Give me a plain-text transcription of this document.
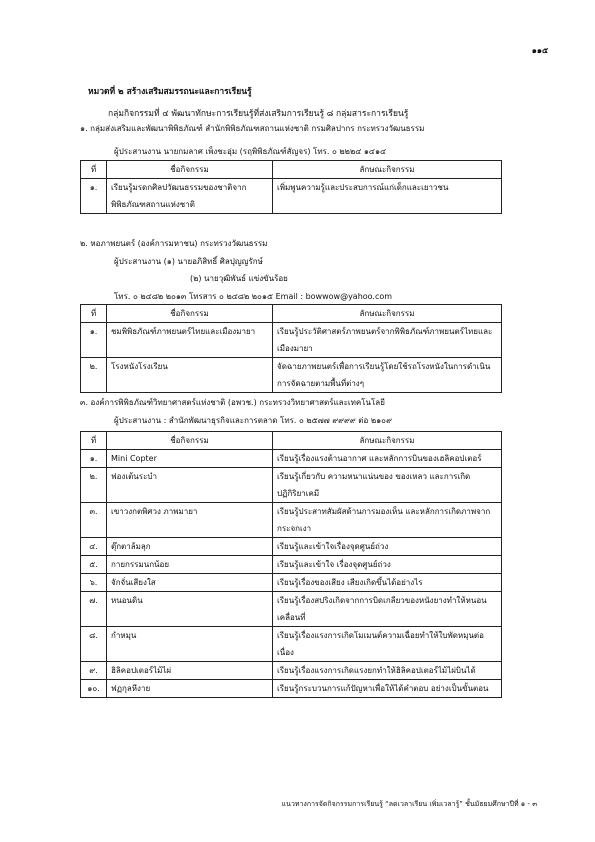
๑๑๕
หมวดที่ ๒ สร้างเสริมสมรรถนะและการเรียนรู้
กลุ่มกิจกรรมที่ ๔ พัฒนาทักษะการเรียนรู้ที่ส่งเสริมการเรียนรู้ ๘ กลุ่มสาระการเรียนรู้
๑. กลุ่มส่งเสริมและพัฒนาพิพิธภัณฑ์ สำนักพิพิธภัณฑสถานแห่งชาติ กรมศิลปากร กระทรวงวัฒนธรรม
ผู้ประสานงาน นายกมลาศ เพ็งชะอุ่ม (รฤพิพิธภัณฑ์สัญจร) โทร. ๐ ๒๒๒๔ ๑๔๑๔
ที่	ชื่อกิจกรรม	ลักษณะกิจกรรม
๑.	เรียนรู้มรดกศิลปวัฒนธรรมของชาติจากพิพิธภัณฑสถานแห่งชาติ	เพิ่มพูนความรู้และประสบการณ์แก่เด็กและเยาวชน
๒. หอภาพยนตร์ (องค์การมหาชน) กระทรวงวัฒนธรรม
ผู้ประสานงาน (๑) นายอภิสิทธิ์ ศิลปุญญรักษ์
(๒) นายวุฒิพันธ์ แข่งขันร้อย
โทร. ๐ ๒๔๘๒ ๒๐๑๓ โทรสาร ๐ ๒๔๘๒ ๒๐๑๕ Email : bowwow@yahoo.com
ที่	ชื่อกิจกรรม	ลักษณะกิจกรรม
๑.	ชมพิพิธภัณฑ์ภาพยนตร์ไทยและเมืองมายา	เรียนรู้ประวัติศาสตร์ภาพยนตร์จากพิพิธภัณฑ์ภาพยนตร์ไทยและเมืองมายา
๒.	โรงหนังโรงเรียน	จัดฉายภาพยนตร์เพื่อการเรียนรู้โดยใช้รถโรงหนังในการดำเนินการจัดฉายตามพื้นที่ต่างๆ
๓. องค์การพิพิธภัณฑ์วิทยาศาสตร์แห่งชาติ (อพวช.) กระทรวงวิทยาศาสตร์และเทคโนโลยี
ผู้ประสานงาน : สำนักพัฒนาธุรกิจและการตลาด โทร. ๐ ๒๕๗๗ ๙๙๙๙ ต่อ ๒๑๐๙
ที่	ชื่อกิจกรรม	ลักษณะกิจกรรม
๑.	Mini Copter	เรียนรู้เรื่องแรงต้านอากาศ และหลักการบินของเฮลิคอปเตอร์
๒.	ฟองเต้นระบำ	เรียนรู้เกี่ยวกับ ความหนาแน่นของ ของเหลว และการเกิดปฏิกิริยาเคมี
๓.	เขาวงกตพิศวง ภาพมายา	เรียนรู้ประสาทสัมผัสด้านการมองเห็น และหลักการเกิดภาพจากกระจกเงา
๔.	ตุ๊กตาล้มลุก	เรียนรู้และเข้าใจเรื่องจุดศูนย์ถ่วง
๕.	กายกรรมนกน้อย	เรียนรู้และเข้าใจ เรื่องจุดศูนย์ถ่วง
๖.	จักจั่นเสียงใส	เรียนรู้เรื่องของเสียง เสียงเกิดขึ้นได้อย่างไร
๗.	หนอนดิน	เรียนรู้เรื่องสปริงเกิดจากการบิดเกลียวของหนังยางทำให้หนอนเคลื่อนที่
๘.	กำหมุน	เรียนรู้เรื่องแรงการเกิดโมเมนต์ความเฉื่อยทำให้ใบพัดหมุนต่อเนื่อง
๙.	ฮิลิคอปเตอร์ไม้ไผ่	เรียนรู้เรื่องแรงการเกิดแรงยกทำให้ฮิลิคอปเตอร์ไม้ไผ่บินได้
๑๐.	ฟฏกุลหีงาย	เรียนรู้กระบวนการแก้ปัญหาเพื่อให้ได้คำตอบ อย่างเป็นขั้นตอน
แนวทางการจัดกิจกรรมการเรียนรู้ “ลดเวลาเรียน เพิ่มเวลารู้” ชั้นมัธยมศึกษาปีที่ ๑ - ๓
